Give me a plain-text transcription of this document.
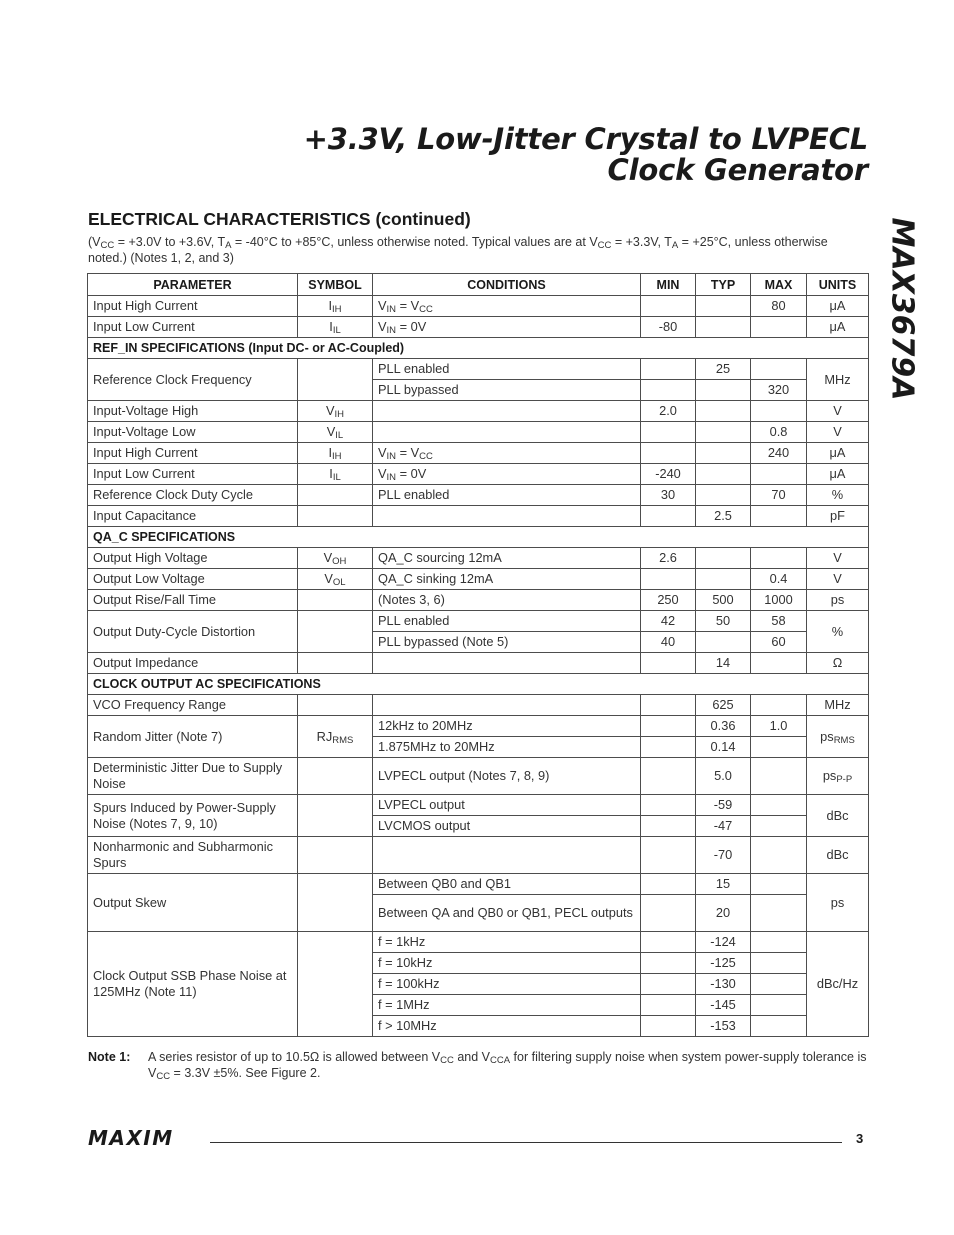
+3.3V, Low-Jitter Crystal to LVPECL
Clock Generator
MAX3679A
ELECTRICAL CHARACTERISTICS (continued)
($V_{CC} = +3.0V$ to +3.6V, $T_A = -40^\circ C$ to +85°C, unless otherwise noted. Typical values are at $V_{CC} = +3.3V$, $T_A = +25^\circ C$, unless otherwise noted.) (Notes 1, 2, and 3)
PARAMETER	SYMBOL	CONDITIONS	MIN	TYP	MAX	UNITS
Input High Current	$I_{IH}$	$V_{IN} = V_{CC}$			80	μA
Input Low Current	$I_{IL}$	$V_{IN} = 0V$	-80			μA
REF_IN SPECIFICATIONS (Input DC- or AC-Coupled)						
Reference Clock Frequency		PLL enabled		25		MHz
		PLL bypassed			320	
Input-Voltage High	$V_{IH}$		2.0			V
Input-Voltage Low	$V_{IL}$				0.8	V
Input High Current	$I_{IH}$	$V_{IN} = V_{CC}$			240	μA
Input Low Current	$I_{IL}$	$V_{IN} = 0V$	-240			μA
Reference Clock Duty Cycle		PLL enabled	30		70	%
Input Capacitance				2.5		pF
QA_C SPECIFICATIONS						
Output High Voltage	$V_{OH}$	QA_C sourcing 12mA	2.6			V
Output Low Voltage	$V_{OL}$	QA_C sinking 12mA			0.4	V
Output Rise/Fall Time		(Notes 3, 6)	250	500	1000	ps
Output Duty-Cycle Distortion		PLL enabled	42	50	58	%
		PLL bypassed (Note 5)	40		60	
Output Impedance				14		Ω
CLOCK OUTPUT AC SPECIFICATIONS						
VCO Frequency Range				625		MHz
Random Jitter (Note 7)	$RJ_{RMS}$	12kHz to 20MHz		0.36	1.0	$ps_{RMS}$
		1.875MHz to 20MHz		0.14		
Deterministic Jitter Due to Supply Noise		LVPECL output (Notes 7, 8, 9)		5.0		$ps_{P-P}$
Spurs Induced by Power-Supply Noise (Notes 7, 9, 10)		LVPECL output		-59		dBc
		LVCMOS output		-47		
Nonharmonic and Subharmonic Spurs				-70		dBc
Output Skew		Between QB0 and QB1		15		ps
		Between QA and QB0 or QB1, PECL outputs		20		
Clock Output SSB Phase Noise at 125MHz (Note 11)		f = 1kHz		-124		dBc/Hz
		f = 10kHz		-125		
		f = 100kHz		-130		
		f = 1MHz		-145		
		f > 10MHz		-153		
Note 1: A series resistor of up to 10.5Ω is allowed between $V_{CC}$ and $V_{CCA}$ for filtering supply noise when system power-supply tolerance is $V_{CC} = 3.3V \pm 5\%$. See Figure 2.
MAXIM	3
